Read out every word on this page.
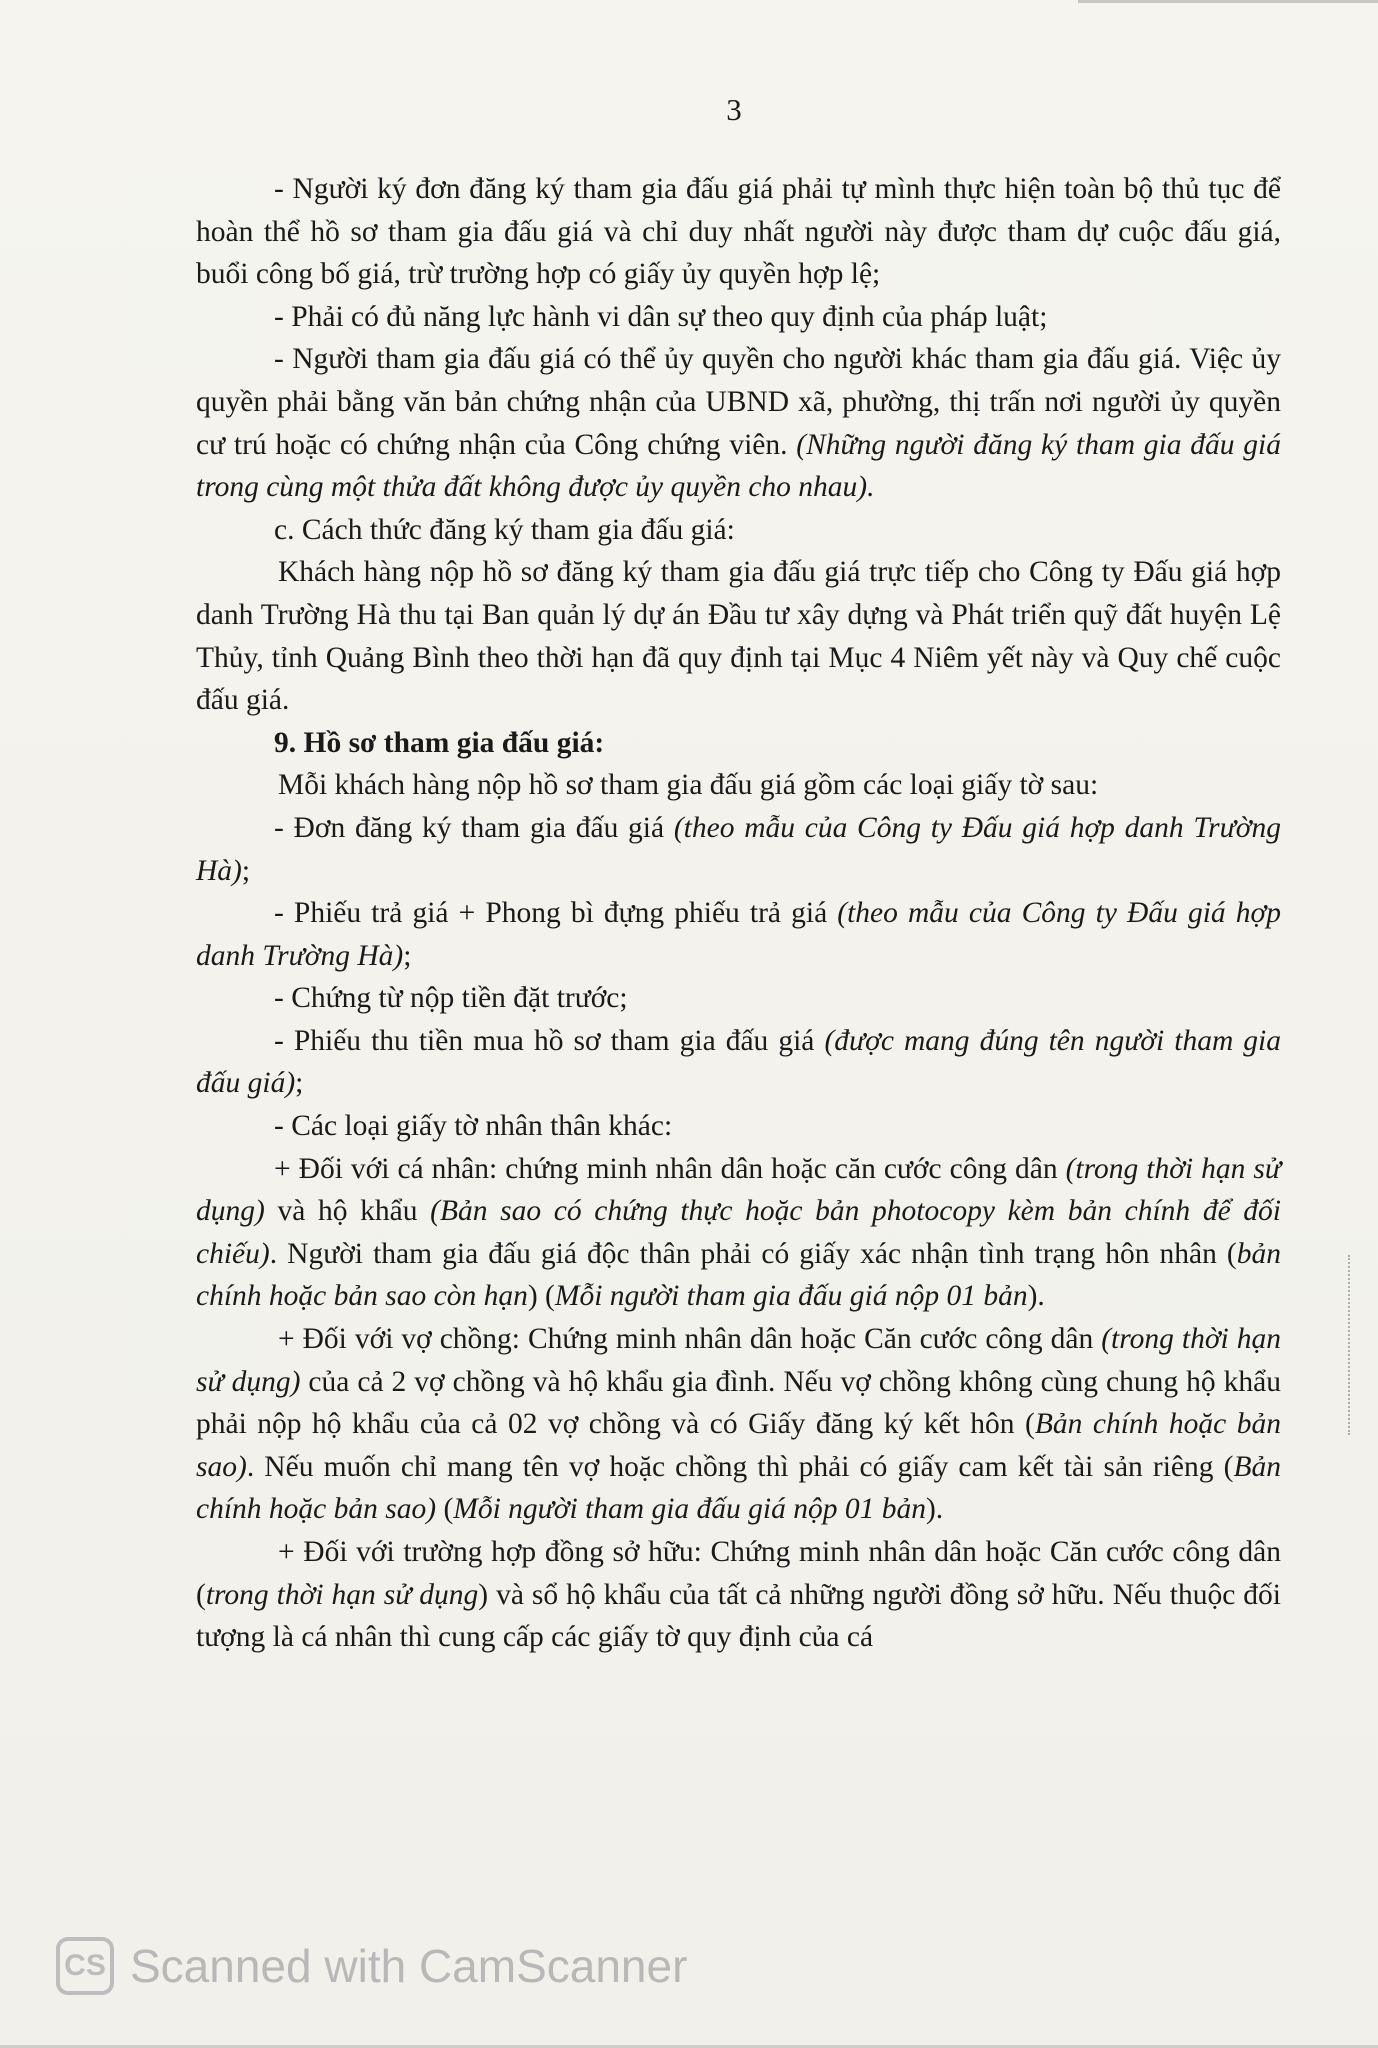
3

- Người ký đơn đăng ký tham gia đấu giá phải tự mình thực hiện toàn bộ thủ tục để hoàn thể hồ sơ tham gia đấu giá và chỉ duy nhất người này được tham dự cuộc đấu giá, buổi công bố giá, trừ trường hợp có giấy ủy quyền hợp lệ;

- Phải có đủ năng lực hành vi dân sự theo quy định của pháp luật;

- Người tham gia đấu giá có thể ủy quyền cho người khác tham gia đấu giá. Việc ủy quyền phải bằng văn bản chứng nhận của UBND xã, phường, thị trấn nơi người ủy quyền cư trú hoặc có chứng nhận của Công chứng viên. (Những người đăng ký tham gia đấu giá trong cùng một thửa đất không được ủy quyền cho nhau).

c. Cách thức đăng ký tham gia đấu giá:

Khách hàng nộp hồ sơ đăng ký tham gia đấu giá trực tiếp cho Công ty Đấu giá hợp danh Trường Hà thu tại Ban quản lý dự án Đầu tư xây dựng và Phát triển quỹ đất huyện Lệ Thủy, tỉnh Quảng Bình theo thời hạn đã quy định tại Mục 4 Niêm yết này và Quy chế cuộc đấu giá.

9. Hồ sơ tham gia đấu giá:

Mỗi khách hàng nộp hồ sơ tham gia đấu giá gồm các loại giấy tờ sau:

- Đơn đăng ký tham gia đấu giá (theo mẫu của Công ty Đấu giá hợp danh Trường Hà);

- Phiếu trả giá + Phong bì đựng phiếu trả giá (theo mẫu của Công ty Đấu giá hợp danh Trường Hà);

- Chứng từ nộp tiền đặt trước;

- Phiếu thu tiền mua hồ sơ tham gia đấu giá (được mang đúng tên người tham gia đấu giá);

- Các loại giấy tờ nhân thân khác:

+ Đối với cá nhân: chứng minh nhân dân hoặc căn cước công dân (trong thời hạn sử dụng) và hộ khẩu (Bản sao có chứng thực hoặc bản photocopy kèm bản chính để đối chiếu). Người tham gia đấu giá độc thân phải có giấy xác nhận tình trạng hôn nhân (bản chính hoặc bản sao còn hạn) (Mỗi người tham gia đấu giá nộp 01 bản).

+ Đối với vợ chồng: Chứng minh nhân dân hoặc Căn cước công dân (trong thời hạn sử dụng) của cả 2 vợ chồng và hộ khẩu gia đình. Nếu vợ chồng không cùng chung hộ khẩu phải nộp hộ khẩu của cả 02 vợ chồng và có Giấy đăng ký kết hôn (Bản chính hoặc bản sao). Nếu muốn chỉ mang tên vợ hoặc chồng thì phải có giấy cam kết tài sản riêng (Bản chính hoặc bản sao) (Mỗi người tham gia đấu giá nộp 01 bản).

+ Đối với trường hợp đồng sở hữu: Chứng minh nhân dân hoặc Căn cước công dân (trong thời hạn sử dụng) và sổ hộ khẩu của tất cả những người đồng sở hữu. Nếu thuộc đối tượng là cá nhân thì cung cấp các giấy tờ quy định của cá

CS Scanned with CamScanner
